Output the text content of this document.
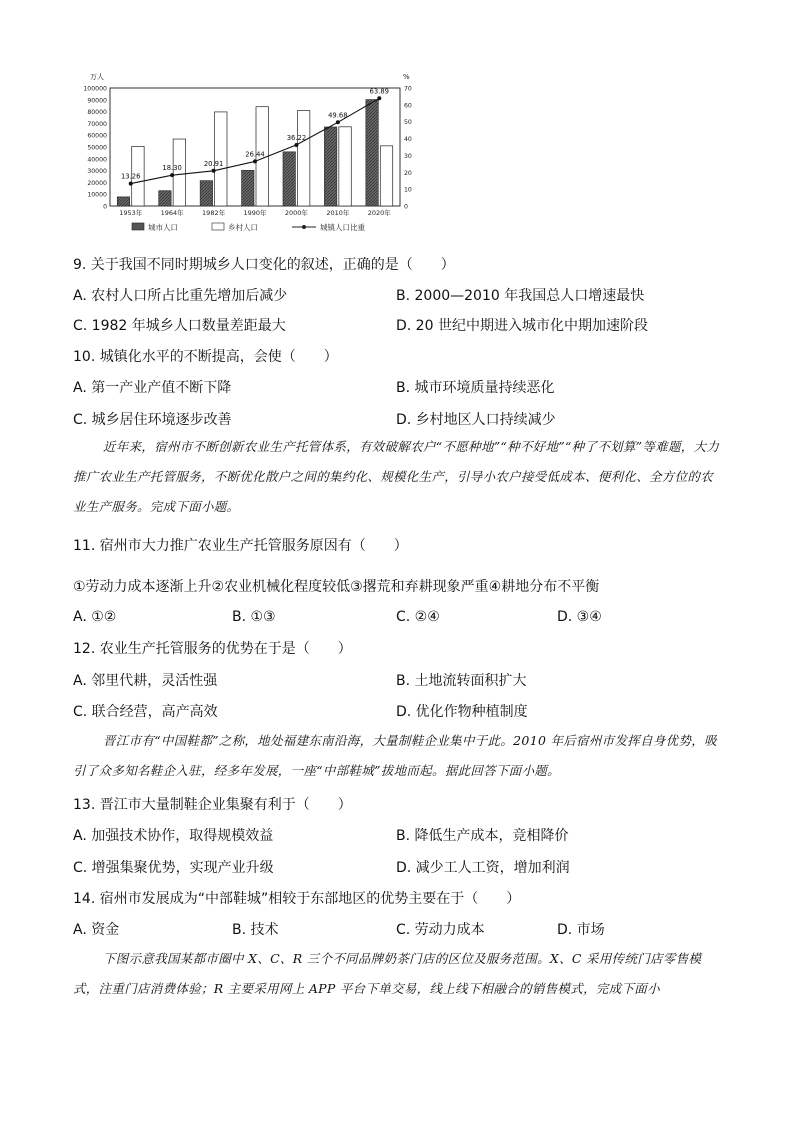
万人	%
100000
90000
80000
70000
60000
50000
40000
30000
20000
10000
0
70
60
50
40
30
20
10
0
13.26
18.30
20.91
26.44
36.22
49.68
63.89
1953年	1964年	1982年	1990年	2000年	2010年	2020年
城市人口	乡村人口	城镇人口比重
9. 关于我国不同时期城乡人口变化的叙述，正确的是（　　）
A. 农村人口所占比重先增加后减少	B. 2000—2010 年我国总人口增速最快
C. 1982 年城乡人口数量差距最大	D. 20 世纪中期进入城市化中期加速阶段
10. 城镇化水平的不断提高，会使（　　）
A. 第一产业产值不断下降	B. 城市环境质量持续恶化
C. 城乡居住环境逐步改善	D. 乡村地区人口持续减少
近年来，宿州市不断创新农业生产托管体系，有效破解农户“不愿种地”“种不好地”“种了不划算”等难题，大力推广农业生产托管服务，不断优化散户之间的集约化、规模化生产，引导小农户接受低成本、便利化、全方位的农业生产服务。完成下面小题。
11. 宿州市大力推广农业生产托管服务原因有（　　）
①劳动力成本逐渐上升②农业机械化程度较低③撂荒和弃耕现象严重④耕地分布不平衡
A. ①②	B. ①③	C. ②④	D. ③④
12. 农业生产托管服务的优势在于是（　　）
A. 邻里代耕，灵活性强	B. 土地流转面积扩大
C. 联合经营，高产高效	D. 优化作物种植制度
晋江市有“中国鞋都”之称，地处福建东南沿海，大量制鞋企业集中于此。2010 年后宿州市发挥自身优势，吸引了众多知名鞋企入驻，经多年发展，一座“中部鞋城”拔地而起。据此回答下面小题。
13. 晋江市大量制鞋企业集聚有利于（　　）
A. 加强技术协作，取得规模效益	B. 降低生产成本，竞相降价
C. 增强集聚优势，实现产业升级	D. 减少工人工资，增加利润
14. 宿州市发展成为“中部鞋城”相较于东部地区的优势主要在于（　　）
A. 资金	B. 技术	C. 劳动力成本	D. 市场
下图示意我国某都市圈中 X、C、R 三个不同品牌奶茶门店的区位及服务范围。X、C 采用传统门店零售模式，注重门店消费体验；R 主要采用网上 APP 平台下单交易，线上线下相融合的销售模式，完成下面小
